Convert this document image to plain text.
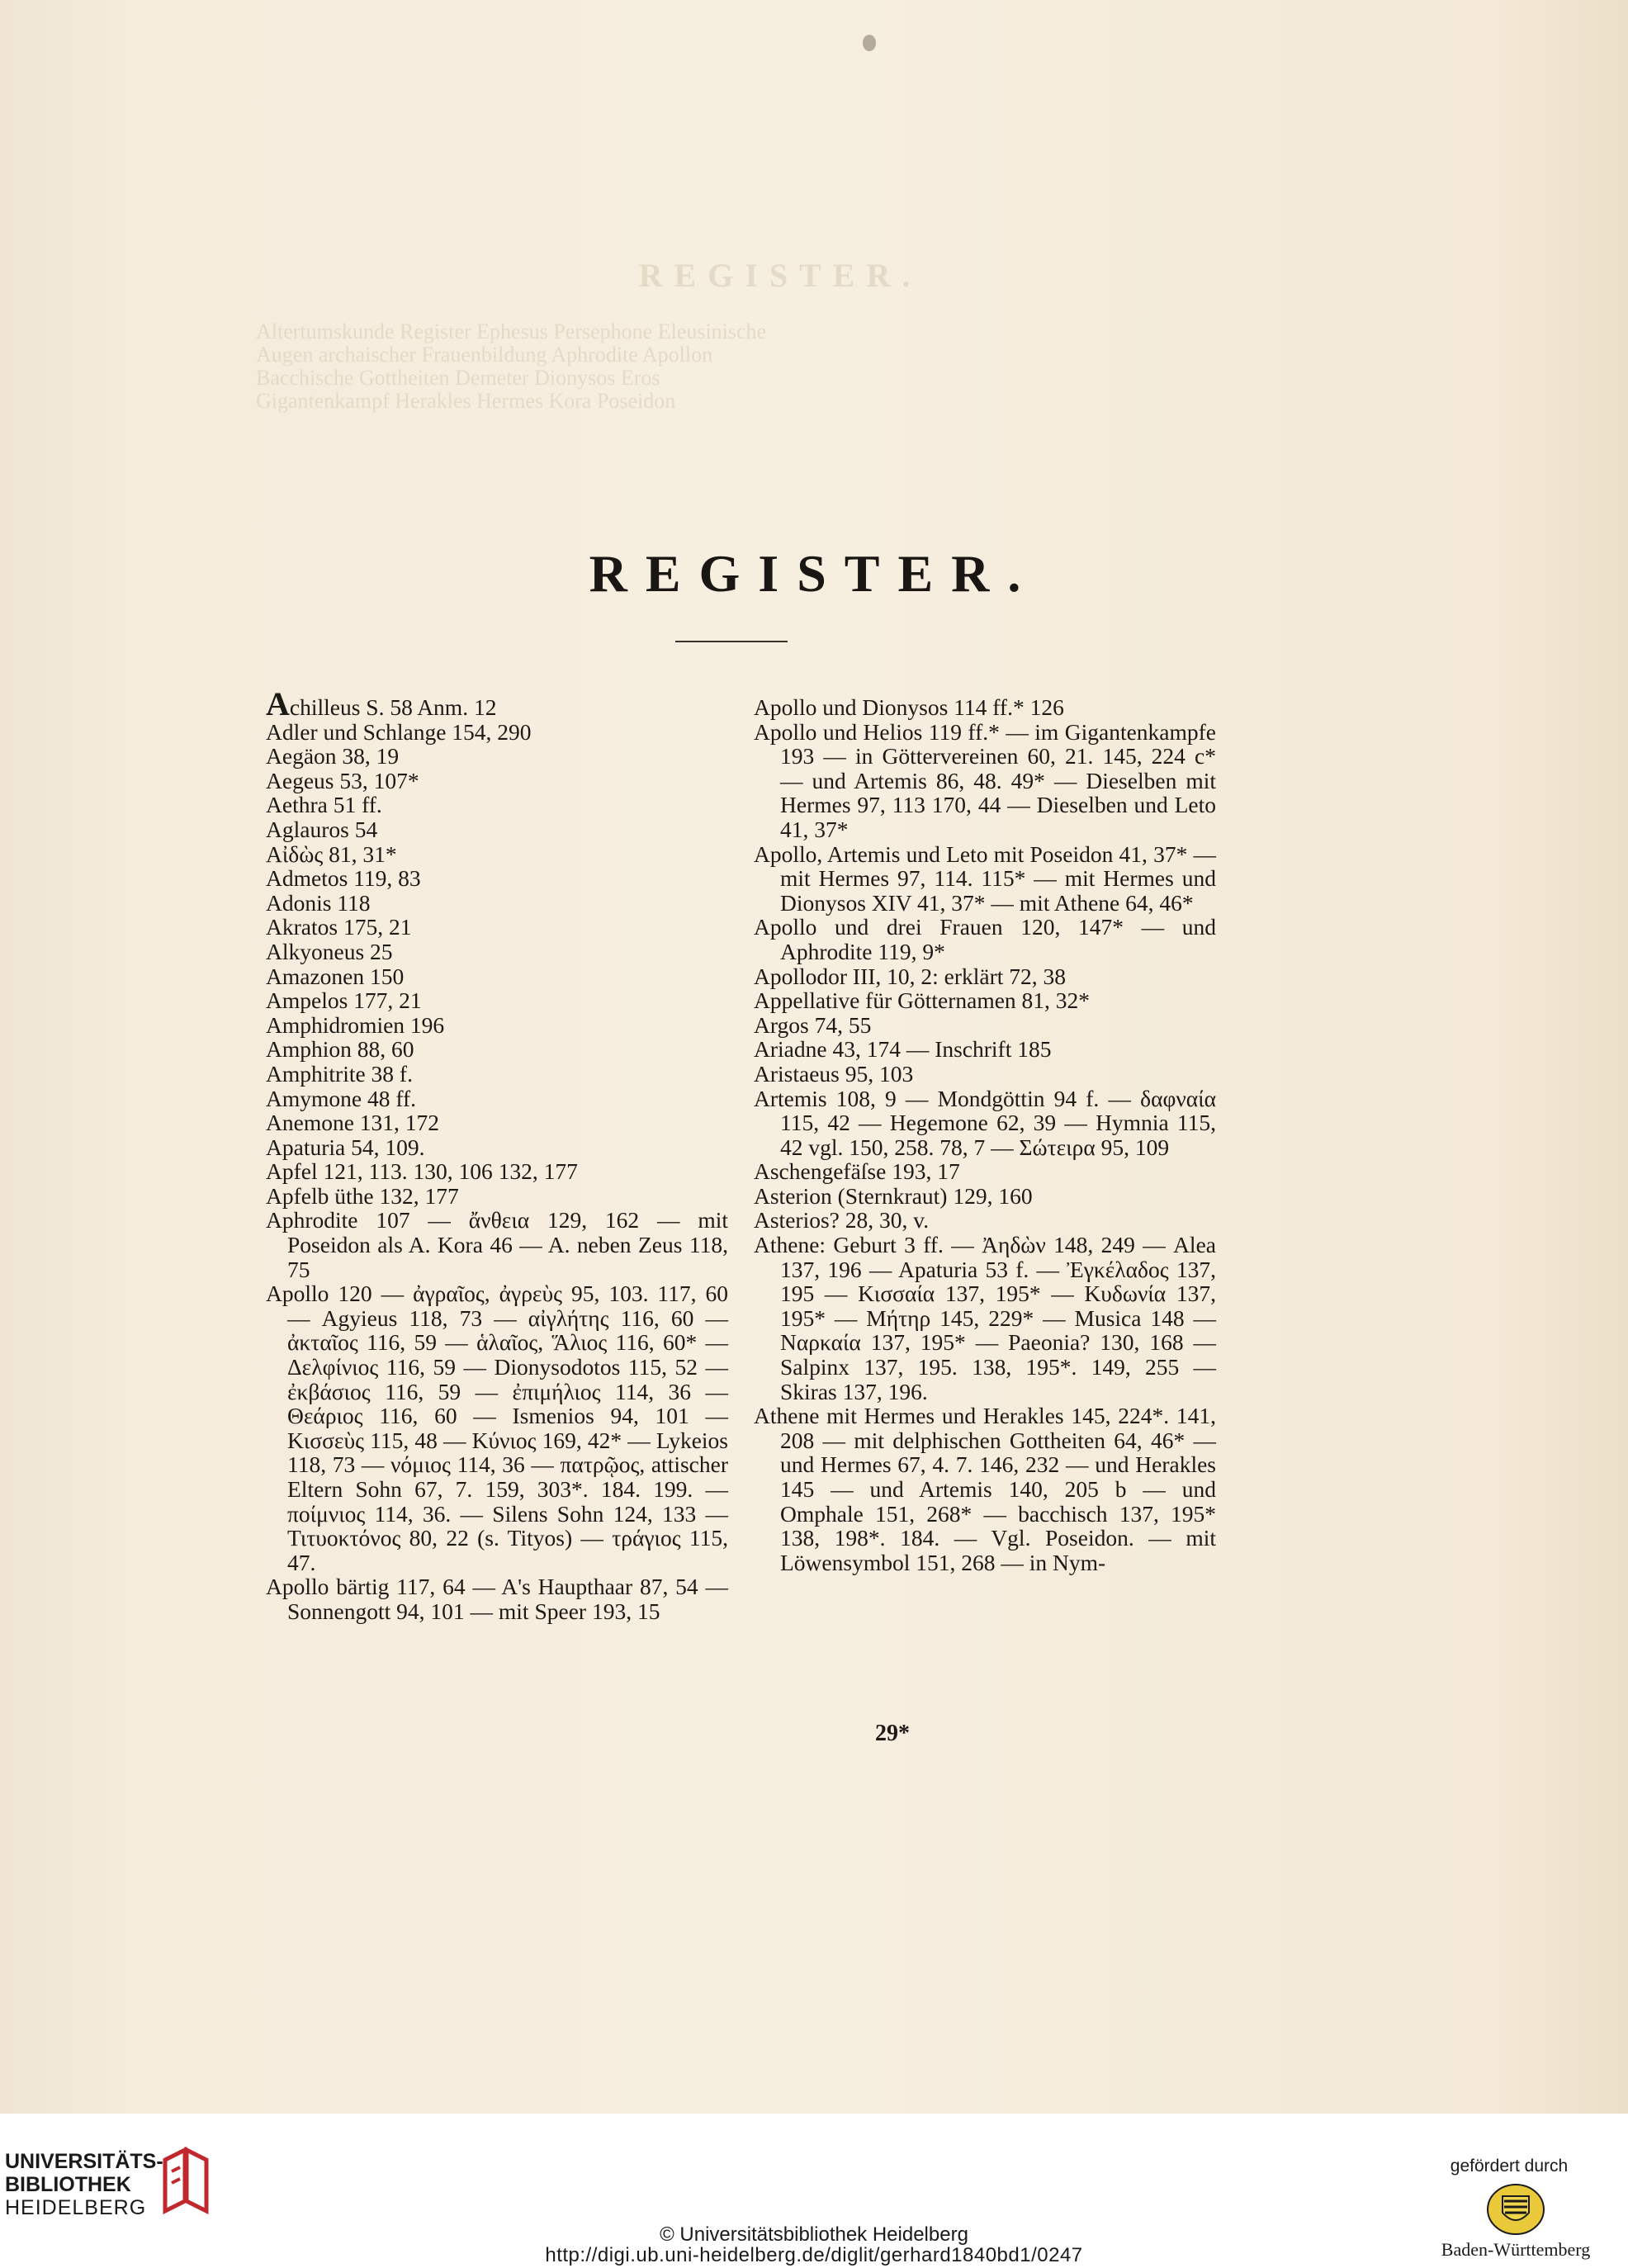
REGISTER.
Altertumskunde Register Ephesus Persephone Eleusinische
Augen archaischer Frauenbildung Aphrodite Apollon
Bacchische Gottheiten Demeter Dionysos Eros
Gigantenkampf Herakles Hermes Kora Poseidon
REGISTER.

Achilleus S. 58 Anm. 12

Adler und Schlange 154, 290

Aegäon 38, 19

Aegeus 53, 107*

Aethra 51 ff.

Aglauros 54

Αἰδὼς 81, 31*

Admetos 119, 83

Adonis 118

Akratos 175, 21

Alkyoneus 25

Amazonen 150

Ampelos 177, 21

Amphidromien 196

Amphion 88, 60

Amphitrite 38 f.

Amymone 48 ff.

Anemone 131, 172

Apaturia 54, 109.

Apfel 121, 113. 130, 106 132, 177

Apfelb üthe 132, 177

Aphrodite 107 — ἄνθεια 129, 162 — mit Poseidon als A. Kora 46 — A. neben Zeus 118, 75

Apollo 120 — ἀγραῖος, ἀγρεὺς 95, 103. 117, 60 — Agyieus 118, 73 — αἰγλήτης 116, 60 — ἀκταῖος 116, 59 — ἁλαῖος, Ἅλιος 116, 60* — Δελφίνιος 116, 59 — Dionysodotos 115, 52 — ἐκβάσιος 116, 59 — ἐπιμήλιος 114, 36 — Θεάριος 116, 60 — Ismenios 94, 101 — Κισσεὺς 115, 48 — Κύνιος 169, 42* — Lykeios 118, 73 — νόμιος 114, 36 — πατρῷος, attischer Eltern Sohn 67, 7. 159, 303*. 184. 199. — ποίμνιος 114, 36. — Silens Sohn 124, 133 — Τιτυοκτόνος 80, 22 (s. Tityos) — τράγιος 115, 47.

Apollo bärtig 117, 64 — A's Haupthaar 87, 54 — Sonnengott 94, 101 — mit Speer 193, 15

Apollo und Dionysos 114 ff.* 126

Apollo und Helios 119 ff.* — im Gigantenkampfe 193 — in Göttervereinen 60, 21. 145, 224 c* — und Artemis 86, 48. 49* — Dieselben mit Hermes 97, 113 170, 44 — Dieselben und Leto 41, 37*

Apollo, Artemis und Leto mit Poseidon 41, 37* — mit Hermes 97, 114. 115* — mit Hermes und Dionysos XIV 41, 37* — mit Athene 64, 46*

Apollo und drei Frauen 120, 147* — und Aphrodite 119, 9*

Apollodor III, 10, 2: erklärt 72, 38

Appellative für Götternamen 81, 32*

Argos 74, 55

Ariadne 43, 174 — Inschrift 185

Aristaeus 95, 103

Artemis 108, 9 — Mondgöttin 94 f. — δαφναία 115, 42 — Hegemone 62, 39 — Hymnia 115, 42 vgl. 150, 258. 78, 7 — Σώτειρα 95, 109

Aschengefäſse 193, 17

Asterion (Sternkraut) 129, 160

Asterios? 28, 30, v.

Athene: Geburt 3 ff. — Ἀηδὼν 148, 249 — Alea 137, 196 — Apaturia 53 f. — Ἐγκέλαδος 137, 195 — Κισσαία 137, 195* — Κυδωνία 137, 195* — Μήτηρ 145, 229* — Musica 148 — Ναρκαία 137, 195* — Paeonia? 130, 168 — Salpinx 137, 195. 138, 195*. 149, 255 — Skiras 137, 196.

Athene mit Hermes und Herakles 145, 224*. 141, 208 — mit delphischen Gottheiten 64, 46* — und Hermes 67, 4. 7. 146, 232 — und Herakles 145 — und Artemis 140, 205 b — und Omphale 151, 268* — bacchisch 137, 195* 138, 198*. 184. — Vgl. Poseidon. — mit Löwensymbol 151, 268 — in Nym-

29*
UNIVERSITÄTS-
BIBLIOTHEK
HEIDELBERG
© Universitätsbibliothek Heidelberg
http://digi.ub.uni-heidelberg.de/diglit/gerhard1840bd1/0247
gefördert durch
Baden-Württemberg
